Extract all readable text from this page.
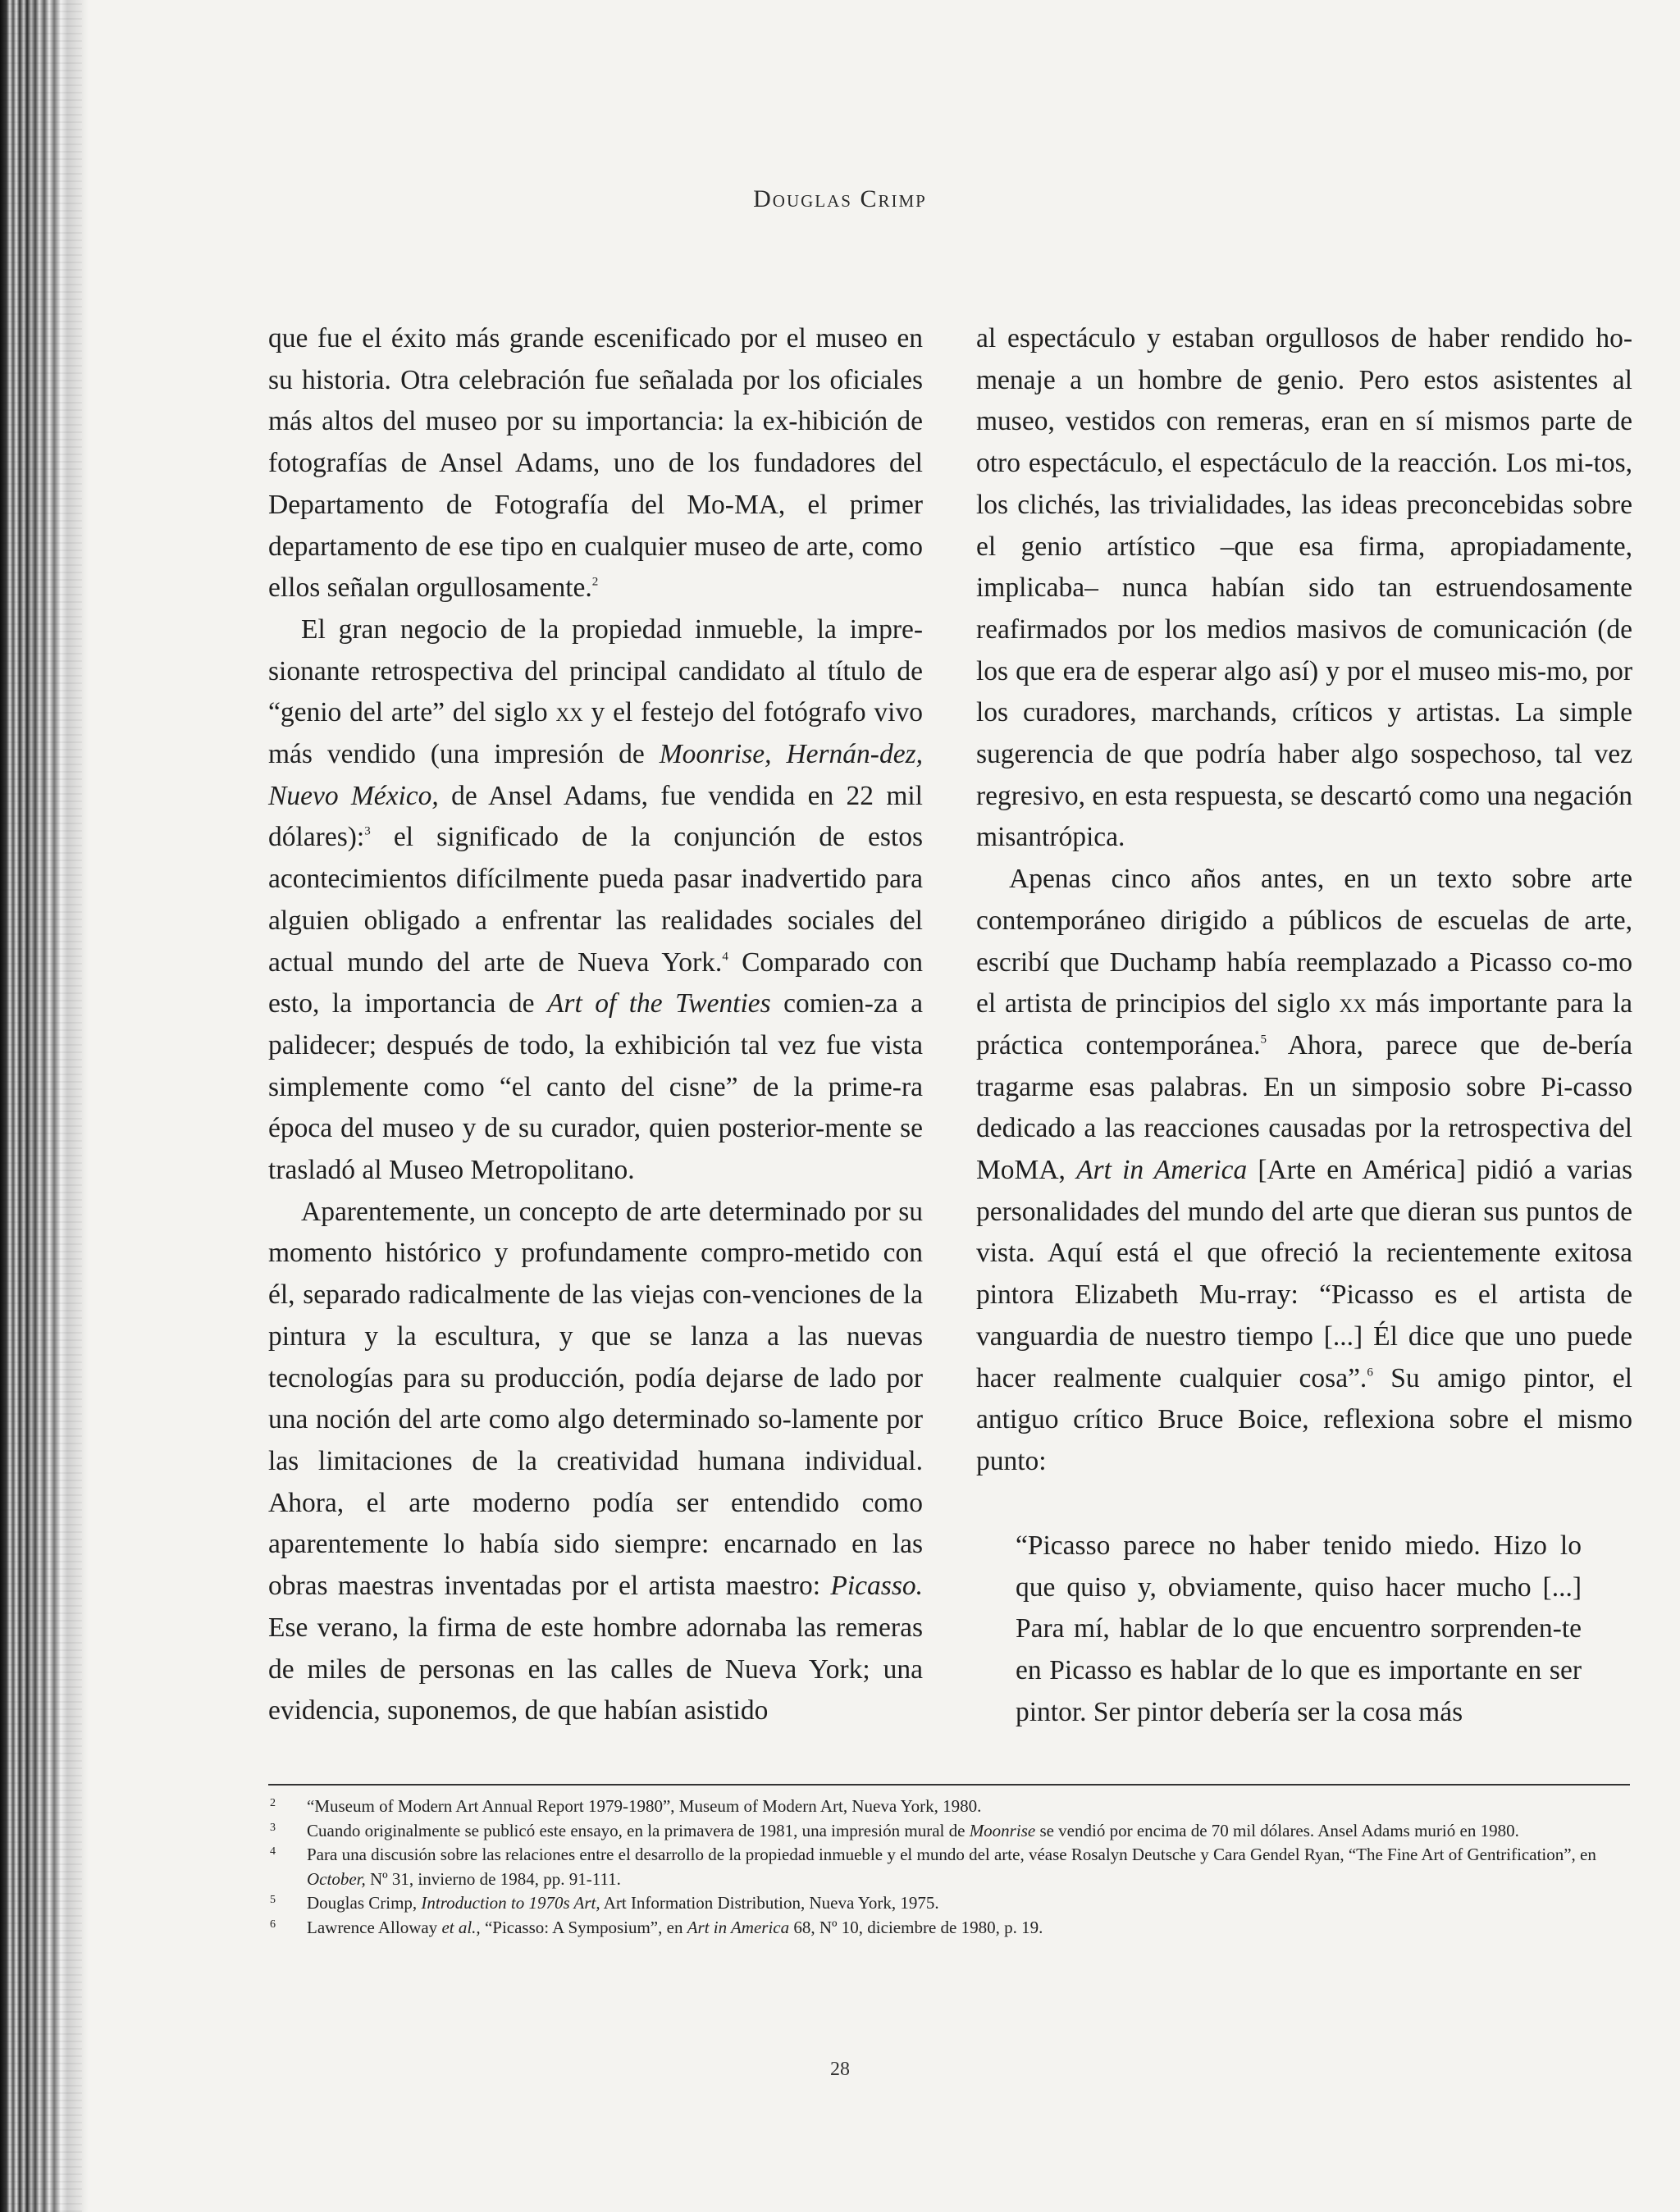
Douglas Crimp

que fue el éxito más grande escenificado por el museo en su historia. Otra celebración fue señalada por los oficiales más altos del museo por su importancia: la ex-hibición de fotografías de Ansel Adams, uno de los fundadores del Departamento de Fotografía del Mo-MA, el primer departamento de ese tipo en cualquier museo de arte, como ellos señalan orgullosamente.$^2$

El gran negocio de la propiedad inmueble, la impre-sionante retrospectiva del principal candidato al título de “genio del arte” del siglo xx y el festejo del fotógrafo vivo más vendido (una impresión de Moonrise, Hernán-dez, Nuevo México, de Ansel Adams, fue vendida en 22 mil dólares):$^3$ el significado de la conjunción de estos acontecimientos difícilmente pueda pasar inadvertido para alguien obligado a enfrentar las realidades sociales del actual mundo del arte de Nueva York.$^4$ Comparado con esto, la importancia de Art of the Twenties comien-za a palidecer; después de todo, la exhibición tal vez fue vista simplemente como “el canto del cisne” de la prime-ra época del museo y de su curador, quien posterior-mente se trasladó al Museo Metropolitano.

Aparentemente, un concepto de arte determinado por su momento histórico y profundamente compro-metido con él, separado radicalmente de las viejas con-venciones de la pintura y la escultura, y que se lanza a las nuevas tecnologías para su producción, podía dejarse de lado por una noción del arte como algo determinado so-lamente por las limitaciones de la creatividad humana individual. Ahora, el arte moderno podía ser entendido como aparentemente lo había sido siempre: encarnado en las obras maestras inventadas por el artista maestro: Picasso. Ese verano, la firma de este hombre adornaba las remeras de miles de personas en las calles de Nueva York; una evidencia, suponemos, de que habían asistido

al espectáculo y estaban orgullosos de haber rendido ho-menaje a un hombre de genio. Pero estos asistentes al museo, vestidos con remeras, eran en sí mismos parte de otro espectáculo, el espectáculo de la reacción. Los mi-tos, los clichés, las trivialidades, las ideas preconcebidas sobre el genio artístico –que esa firma, apropiadamente, implicaba– nunca habían sido tan estruendosamente reafirmados por los medios masivos de comunicación (de los que era de esperar algo así) y por el museo mis-mo, por los curadores, marchands, críticos y artistas. La simple sugerencia de que podría haber algo sospechoso, tal vez regresivo, en esta respuesta, se descartó como una negación misantrópica.

Apenas cinco años antes, en un texto sobre arte contemporáneo dirigido a públicos de escuelas de arte, escribí que Duchamp había reemplazado a Picasso co-mo el artista de principios del siglo xx más importante para la práctica contemporánea.$^5$ Ahora, parece que de-bería tragarme esas palabras. En un simposio sobre Pi-casso dedicado a las reacciones causadas por la retrospectiva del MoMA, Art in America [Arte en América] pidió a varias personalidades del mundo del arte que dieran sus puntos de vista. Aquí está el que ofreció la recientemente exitosa pintora Elizabeth Mu-rray: “Picasso es el artista de vanguardia de nuestro tiempo [...] Él dice que uno puede hacer realmente cualquier cosa”.$^6$ Su amigo pintor, el antiguo crítico Bruce Boice, reflexiona sobre el mismo punto:

“Picasso parece no haber tenido miedo. Hizo lo que quiso y, obviamente, quiso hacer mucho [...] Para mí, hablar de lo que encuentro sorprenden-te en Picasso es hablar de lo que es importante en ser pintor. Ser pintor debería ser la cosa más

2 “Museum of Modern Art Annual Report 1979-1980”, Museum of Modern Art, Nueva York, 1980.
3 Cuando originalmente se publicó este ensayo, en la primavera de 1981, una impresión mural de Moonrise se vendió por encima de 70 mil dólares. Ansel Adams murió en 1980.
4 Para una discusión sobre las relaciones entre el desarrollo de la propiedad inmueble y el mundo del arte, véase Rosalyn Deutsche y Cara Gendel Ryan, “The Fine Art of Gentrification”, en October, Nº 31, invierno de 1984, pp. 91-111.
5 Douglas Crimp, Introduction to 1970s Art, Art Information Distribution, Nueva York, 1975.
6 Lawrence Alloway et al., “Picasso: A Symposium”, en Art in America 68, Nº 10, diciembre de 1980, p. 19.
28
